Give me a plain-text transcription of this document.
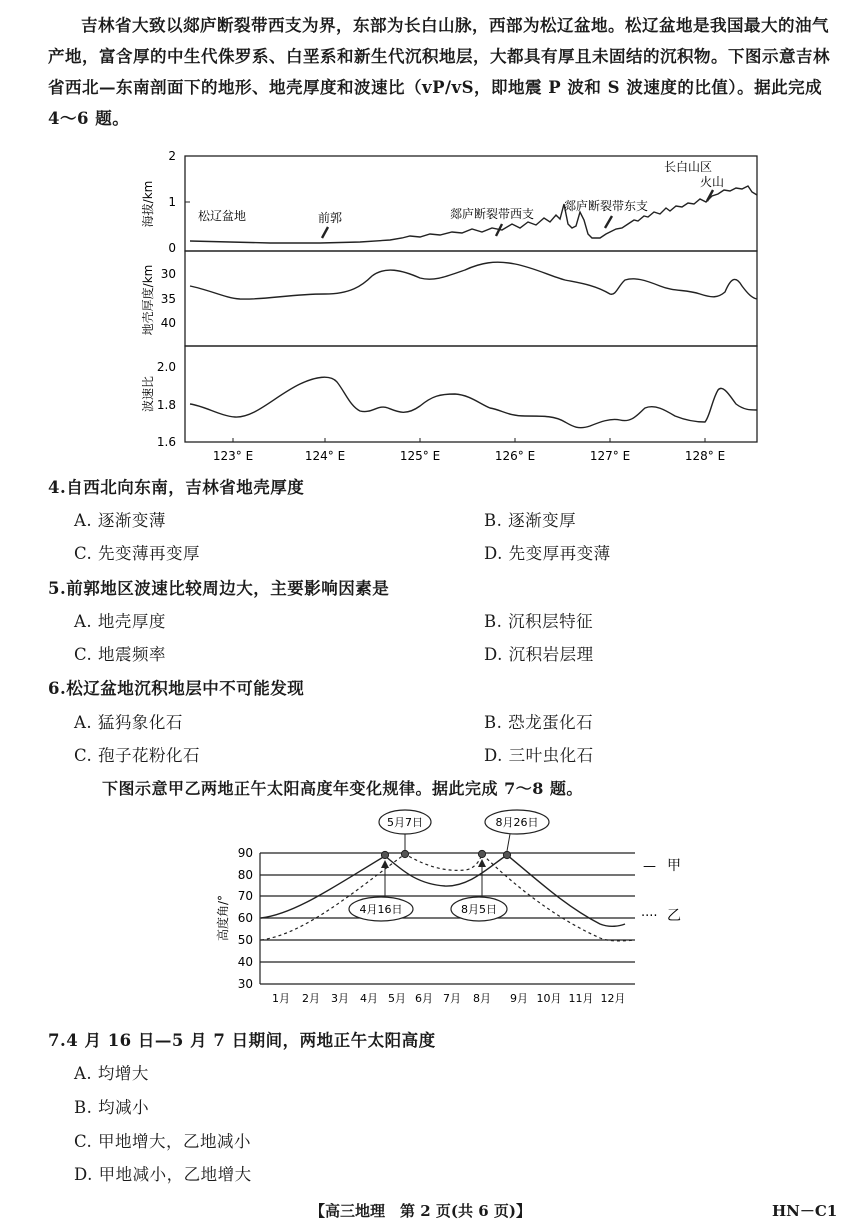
吉林省大致以郯庐断裂带西支为界，东部为长白山脉，西部为松辽盆地。松辽盆地是我国最大的油气产地，富含厚的中生代侏罗系、白垩系和新生代沉积地层，大都具有厚且未固结的沉积物。下图示意吉林省西北—东南剖面下的地形、地壳厚度和波速比（vP/vS，即地震 P 波和 S 波速度的比值）。据此完成 4～6 题。
2
1
0
海拔/km
30
35
40
地壳厚度/km
2.0
1.8
1.6
波速比
123° E	124° E	125° E	126° E	127° E	128° E
松辽盆地	前郭	郯庐断裂带西支
郯庐断裂带东支
长白山区
火山
4.自西北向东南，吉林省地壳厚度
A. 逐渐变薄	B. 逐渐变厚
C. 先变薄再变厚	D. 先变厚再变薄
5.前郭地区波速比较周边大，主要影响因素是
A. 地壳厚度	B. 沉积层特征
C. 地震频率	D. 沉积岩层理
6.松辽盆地沉积地层中不可能发现
A. 猛犸象化石	B. 恐龙蛋化石
C. 孢子花粉化石	D. 三叶虫化石
下图示意甲乙两地正午太阳高度年变化规律。据此完成 7～8 题。
90
80
70
60
50
40
30
高度角/°
1月 2月 3月 4月 5月 6月 7月 8月 9月 10月 11月 12月
5月7日	8月26日
4月16日	8月5日
— 甲
···· 乙
7.4 月 16 日—5 月 7 日期间，两地正午太阳高度
A. 均增大
B. 均减小
C. 甲地增大，乙地减小
D. 甲地减小，乙地增大
【高三地理　第 2 页(共 6 页)】	HN－C1
